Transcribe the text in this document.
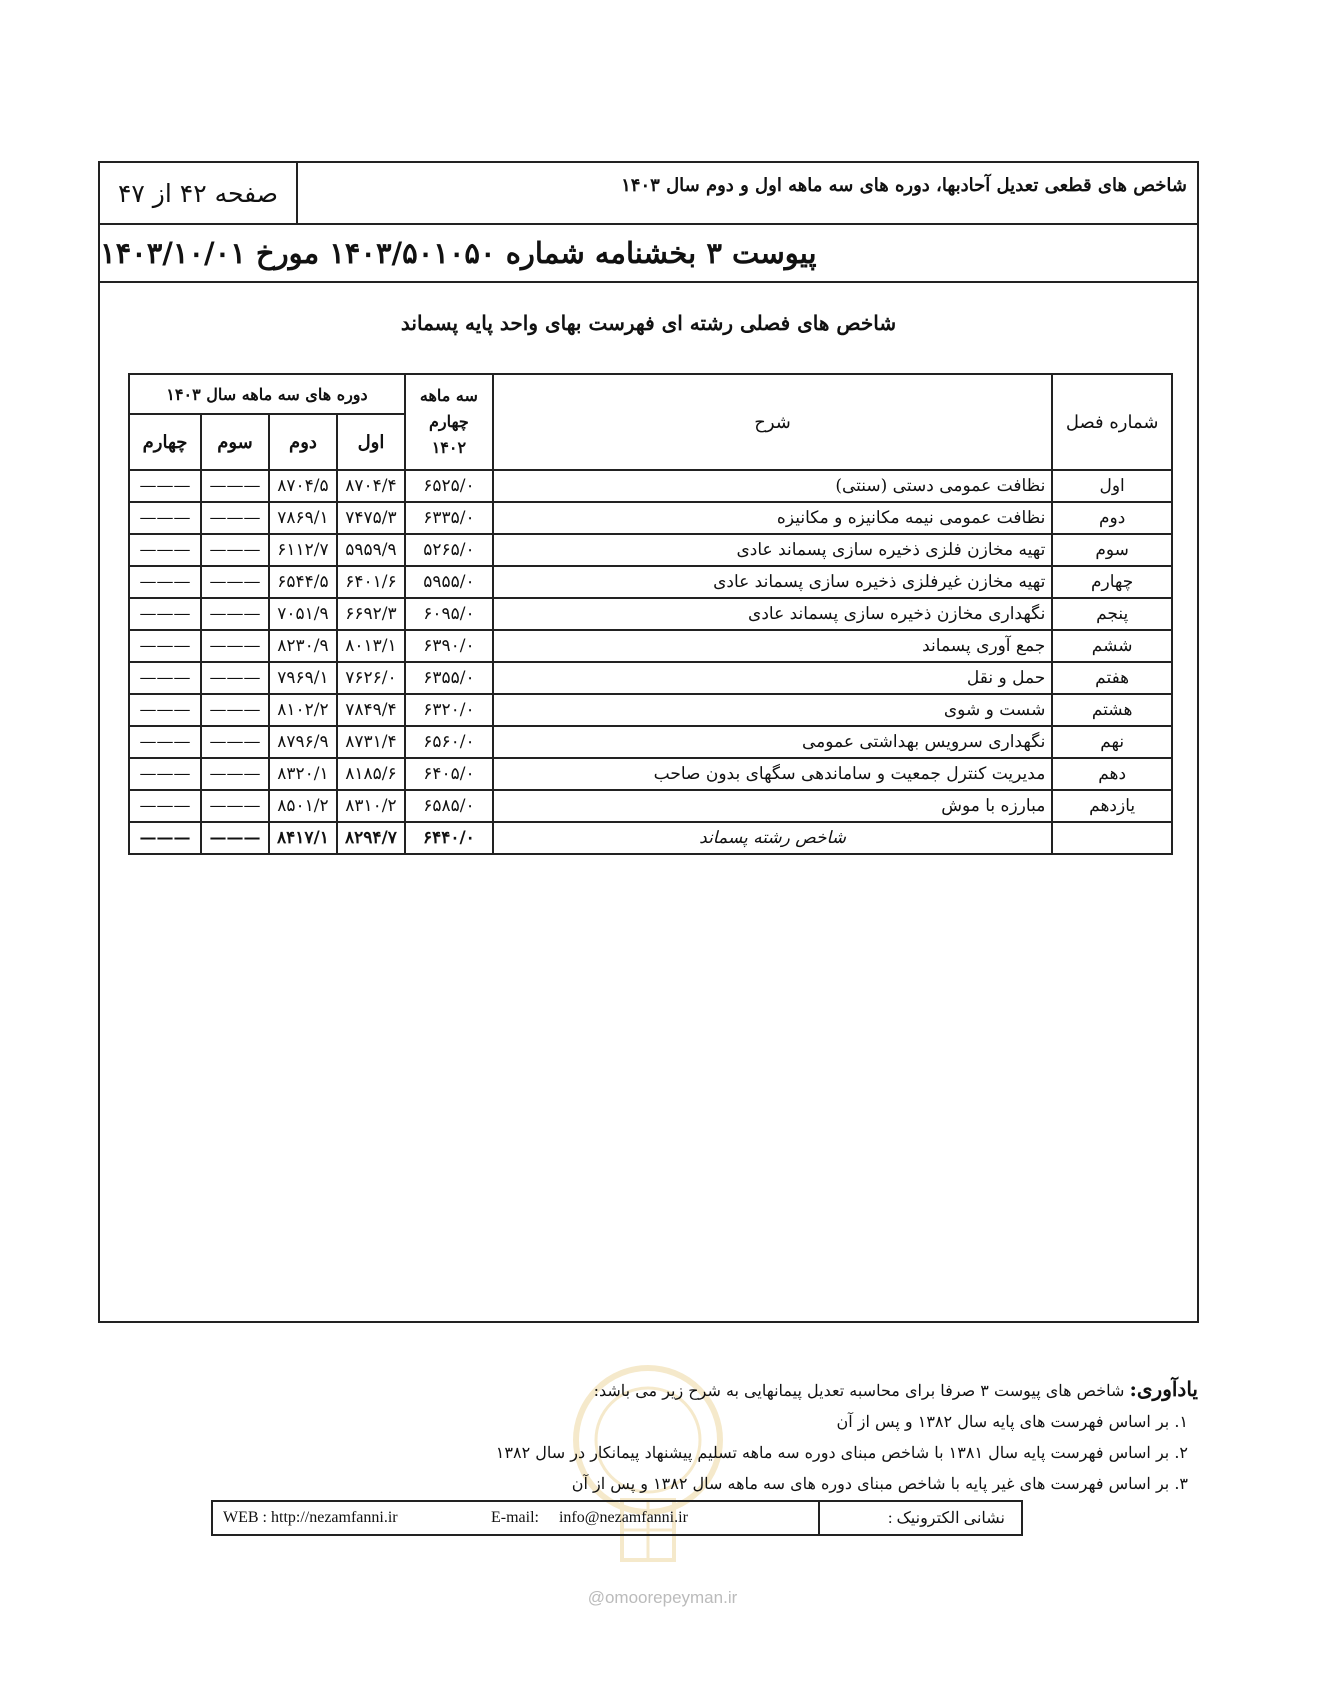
صفحه ۴۲ از ۴۷	شاخص های قطعی تعدیل آحادبها، دوره های سه ماهه اول و دوم سال ۱۴۰۳
پیوست ۳ بخشنامه شماره ۱۴۰۳/۵۰۱۰۵۰ مورخ ۱۴۰۳/۱۰/۰۱
شاخص های فصلی رشته ای فهرست بهای واحد پایه پسماند
شماره فصل	شرح	سه ماهه چهارم ۱۴۰۲	دوره های سه ماهه سال ۱۴۰۳			
			اول	دوم	سوم	چهارم
اول	نظافت عمومی دستی (سنتی)	۶۵۲۵/۰	۸۷۰۴/۴	۸۷۰۴/۵	———	———
دوم	نظافت عمومی نیمه مکانیزه و مکانیزه	۶۳۳۵/۰	۷۴۷۵/۳	۷۸۶۹/۱	———	———
سوم	تهیه مخازن فلزی ذخیره سازی پسماند عادی	۵۲۶۵/۰	۵۹۵۹/۹	۶۱۱۲/۷	———	———
چهارم	تهیه مخازن غیرفلزی ذخیره سازی پسماند عادی	۵۹۵۵/۰	۶۴۰۱/۶	۶۵۴۴/۵	———	———
پنجم	نگهداری مخازن ذخیره سازی پسماند عادی	۶۰۹۵/۰	۶۶۹۲/۳	۷۰۵۱/۹	———	———
ششم	جمع آوری پسماند	۶۳۹۰/۰	۸۰۱۳/۱	۸۲۳۰/۹	———	———
هفتم	حمل و نقل	۶۳۵۵/۰	۷۶۲۶/۰	۷۹۶۹/۱	———	———
هشتم	شست و شوی	۶۳۲۰/۰	۷۸۴۹/۴	۸۱۰۲/۲	———	———
نهم	نگهداری سرویس بهداشتی عمومی	۶۵۶۰/۰	۸۷۳۱/۴	۸۷۹۶/۹	———	———
دهم	مدیریت کنترل جمعیت و ساماندهی سگهای بدون صاحب	۶۴۰۵/۰	۸۱۸۵/۶	۸۳۲۰/۱	———	———
یازدهم	مبارزه با موش	۶۵۸۵/۰	۸۳۱۰/۲	۸۵۰۱/۲	———	———
	شاخص رشته پسماند	۶۴۴۰/۰	۸۲۹۴/۷	۸۴۱۷/۱	———	———
یادآوری: شاخص های پیوست ۳ صرفا برای محاسبه تعدیل پیمانهایی به شرح زیر می باشد:
۱. بر اساس فهرست های پایه سال ۱۳۸۲ و پس از آن
۲. بر اساس فهرست پایه سال ۱۳۸۱ با شاخص مبنای دوره سه ماهه تسلیم پیشنهاد پیمانکار در سال ۱۳۸۲
۳. بر اساس فهرست های غیر پایه با شاخص مبنای دوره های سه ماهه سال ۱۳۸۲ و پس از آن
نشانی الکترونیک :
WEB : http://nezamfanni.ir	E-mail:     info@nezamfanni.ir
@omoorepeyman.ir
